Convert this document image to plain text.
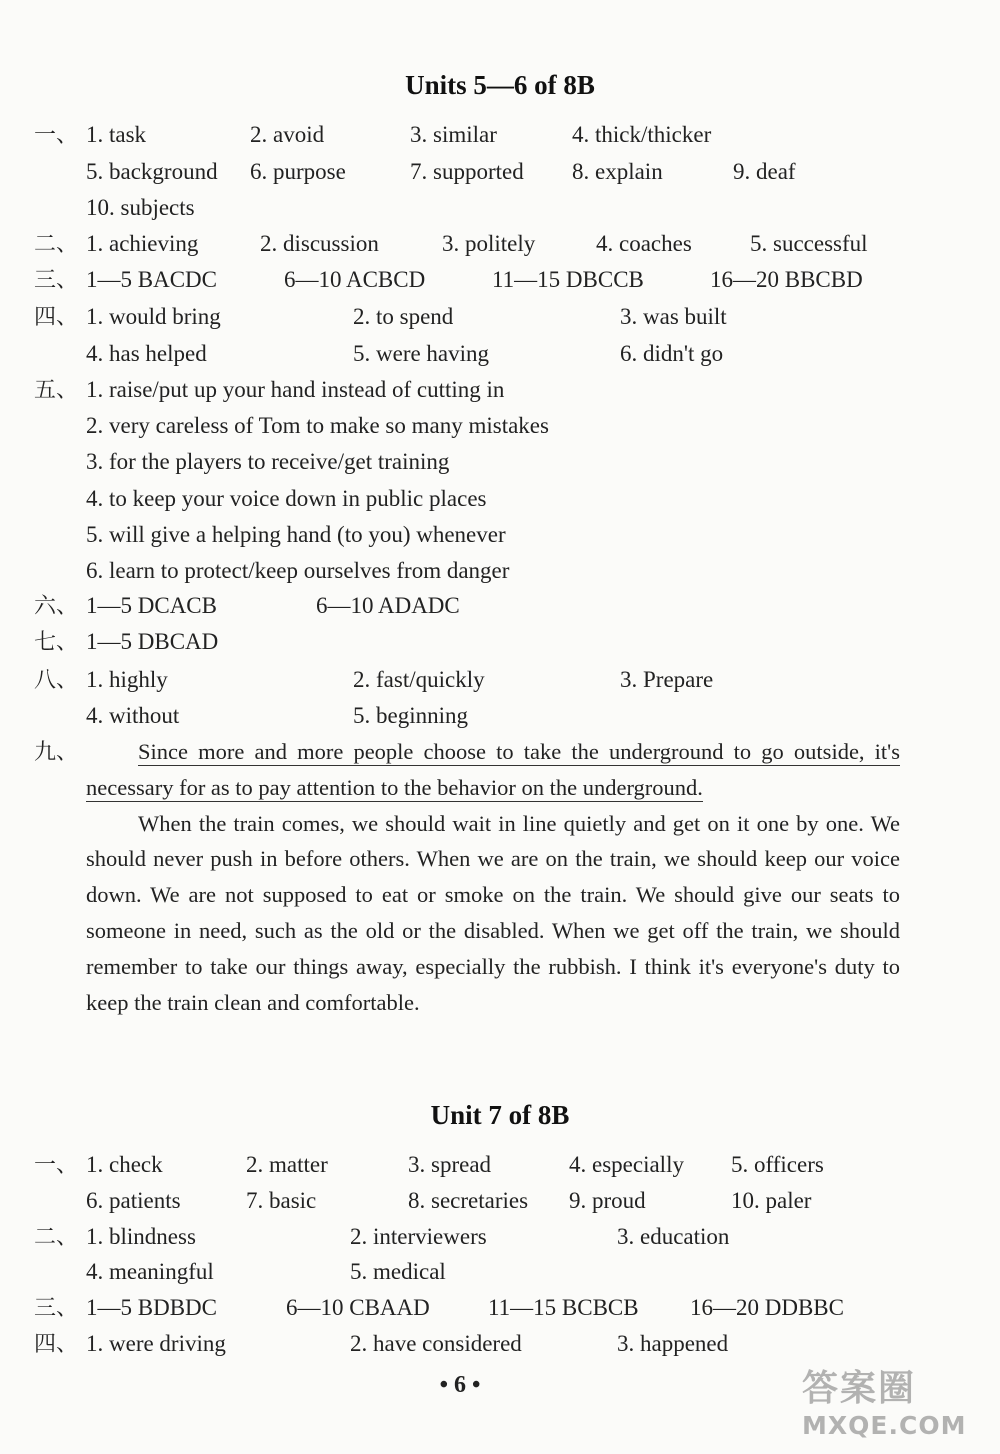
Units 5—6 of 8B
一、 1. task	2. avoid	3. similar	4. thick/thicker
5. background 6. purpose	7. supported 8. explain	9. deaf
10. subjects
二、 1. achieving	2. discussion	3. politely	4. coaches	5. successful
三、 1—5 BACDC	6—10 ACBCD	11—15 DBCCB	16—20 BBCBD
四、 1. would bring	2. to spend	3. was built
4. has helped	5. were having	6. didn't go
五、 1. raise/put up your hand instead of cutting in
2. very careless of Tom to make so many mistakes
3. for the players to receive/get training
4. to keep your voice down in public places
5. will give a helping hand (to you) whenever
6. learn to protect/keep ourselves from danger
六、 1—5 DCACB	6—10 ADADC
七、 1—5 DBCAD
八、 1. highly	2. fast/quickly	3. Prepare
4. without	5. beginning
九、	Since more and more people choose to take the underground to go outside, it's necessary for as to pay attention to the behavior on the underground.
When the train comes, we should wait in line quietly and get on it one by one. We should never push in before others. When we are on the train, we should keep our voice down. We are not supposed to eat or smoke on the train. We should give our seats to someone in need, such as the old or the disabled. When we get off the train, we should remember to take our things away, especially the rubbish. I think it's everyone's duty to keep the train clean and comfortable.
Unit 7 of 8B
一、 1. check	2. matter	3. spread	4. especially 5. officers
6. patients	7. basic	8. secretaries 9. proud	10. paler
二、 1. blindness	2. interviewers	3. education
4. meaningful	5. medical
三、 1—5 BDBDC	6—10 CBAAD	11—15 BCBCB 16—20 DDBBC
四、 1. were driving	2. have considered	3. happened
• 6 •	答案圈
MXQE.COM
